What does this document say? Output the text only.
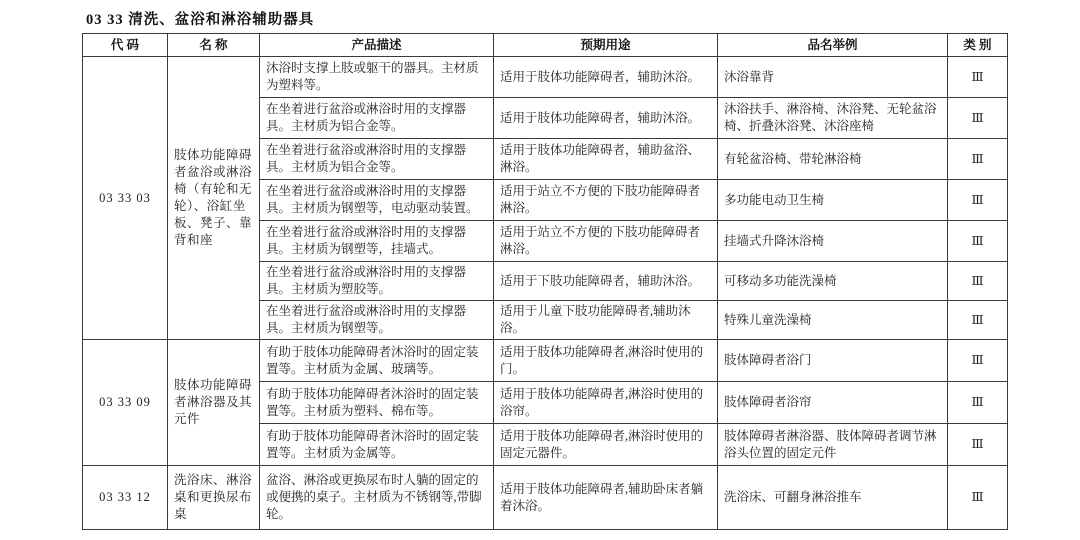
03 33 清洗、盆浴和淋浴辅助器具
代 码	名 称	产品描述	预期用途	品名举例	类 别
03 33 03	肢体功能障碍者盆浴或淋浴椅（有轮和无轮）、浴缸坐板、凳子、靠背和座	沐浴时支撑上肢或躯干的器具。主材质为塑料等。	适用于肢体功能障碍者，辅助沐浴。	沐浴靠背	Ⅲ
		在坐着进行盆浴或淋浴时用的支撑器具。主材质为铝合金等。	适用于肢体功能障碍者，辅助沐浴。	沐浴扶手、淋浴椅、沐浴凳、无轮盆浴椅、折叠沐浴凳、沐浴座椅	Ⅲ
		在坐着进行盆浴或淋浴时用的支撑器具。主材质为铝合金等。	适用于肢体功能障碍者，辅助盆浴、淋浴。	有轮盆浴椅、带轮淋浴椅	Ⅲ
		在坐着进行盆浴或淋浴时用的支撑器具。主材质为钢塑等，电动驱动装置。	适用于站立不方便的下肢功能障碍者淋浴。	多功能电动卫生椅	Ⅲ
		在坐着进行盆浴或淋浴时用的支撑器具。主材质为钢塑等，挂墙式。	适用于站立不方便的下肢功能障碍者淋浴。	挂墙式升降沐浴椅	Ⅲ
		在坐着进行盆浴或淋浴时用的支撑器具。主材质为塑胶等。	适用于下肢功能障碍者，辅助沐浴。	可移动多功能洗澡椅	Ⅲ
		在坐着进行盆浴或淋浴时用的支撑器具。主材质为钢塑等。	适用于儿童下肢功能障碍者,辅助沐浴。	特殊儿童洗澡椅	Ⅲ
03 33 09	肢体功能障碍者淋浴器及其元件	有助于肢体功能障碍者沐浴时的固定装置等。主材质为金属、玻璃等。	适用于肢体功能障碍者,淋浴时使用的门。	肢体障碍者浴门	Ⅲ
		有助于肢体功能障碍者沐浴时的固定装置等。主材质为塑料、棉布等。	适用于肢体功能障碍者,淋浴时使用的浴帘。	肢体障碍者浴帘	Ⅲ
		有助于肢体功能障碍者沐浴时的固定装置等。主材质为金属等。	适用于肢体功能障碍者,淋浴时使用的固定元器件。	肢体障碍者淋浴器、肢体障碍者调节淋浴头位置的固定元件	Ⅲ
03 33 12	洗浴床、淋浴桌和更换尿布桌	盆浴、淋浴或更换尿布时人躺的固定的或便携的桌子。主材质为不锈钢等,带脚轮。	适用于肢体功能障碍者,辅助卧床者躺着沐浴。	洗浴床、可翻身淋浴推车	Ⅲ
